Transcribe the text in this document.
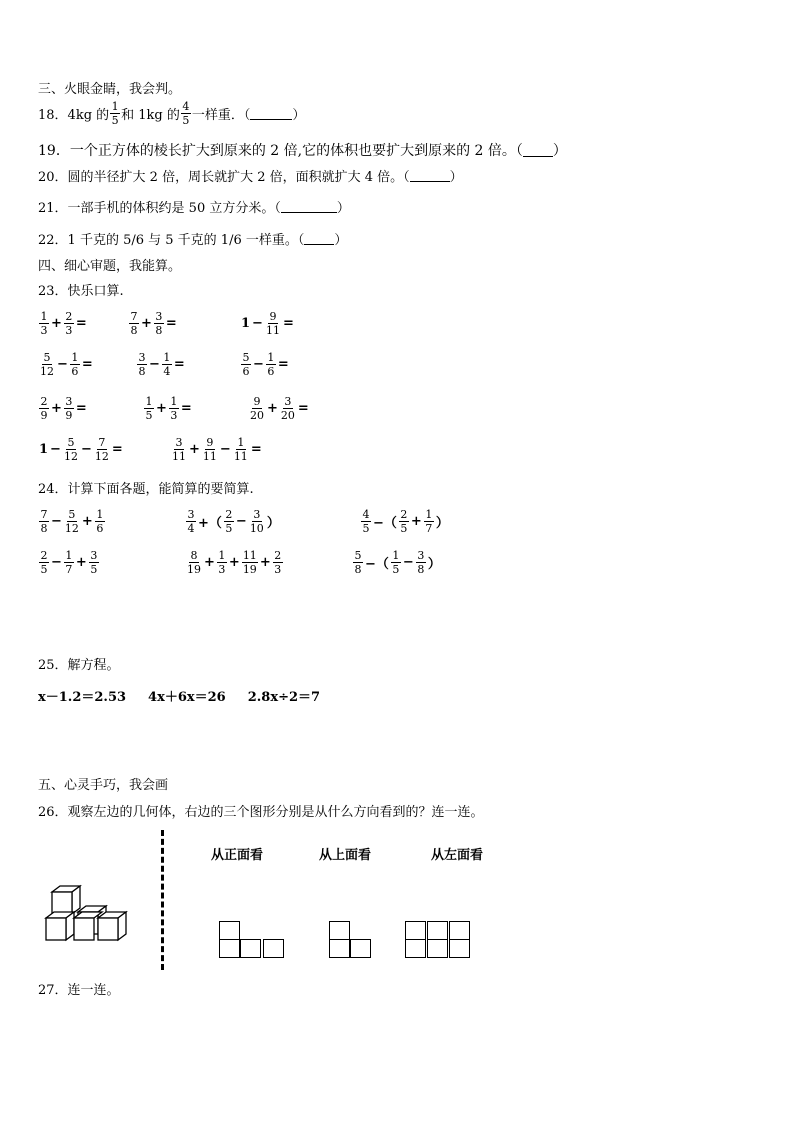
三、火眼金睛，我会判。
18． 4kg 的 $\frac{1}{5}$ 和 1kg 的 $\frac{4}{5}$ 一样重．（	）
19．一个正方体的棱长扩大到原来的 2 倍,它的体积也要扩大到原来的 2 倍。（ ）
20．圆的半径扩大 2 倍，周长就扩大 2 倍，面积就扩大 4 倍。（	）
21．一部手机的体积约是 50 立方分米。（	）
22．1 千克的 5/6 与 5 千克的 1/6 一样重。（ ）
四、细心审题，我能算。
23．快乐口算.
$\frac{1}{3} + \frac{2}{3}$ =	$\frac{7}{8} + \frac{3}{8}$ =	$1 - \frac{9}{11}$ =
$\frac{5}{12} - \frac{1}{6}$ =	$\frac{3}{8} - \frac{1}{4}$ =	$\frac{5}{6} - \frac{1}{6}$ =
$\frac{2}{9} + \frac{3}{9}$ =	$\frac{1}{5} + \frac{1}{3}$ =	$\frac{9}{20} + \frac{3}{20}$ =
$1 - \frac{5}{12} - \frac{7}{12}$ =	$\frac{3}{11} + \frac{9}{11} - \frac{1}{11}$ =
24．计算下面各题，能简算的要简算.
$\frac{7}{8} - \frac{5}{12} + \frac{1}{6}$	$\frac{3}{4}$ +（ $\frac{2}{5} - \frac{3}{10}$ ）	$\frac{4}{5}$ −（ $\frac{2}{5} + \frac{1}{7}$ ）
$\frac{2}{5} - \frac{1}{7} + \frac{3}{5}$	$\frac{8}{19} + \frac{1}{3} + \frac{11}{19} + \frac{2}{3}$	$\frac{5}{8}$ −（ $\frac{1}{5} - \frac{3}{8}$ ）
25．解方程。
x－1.2＝2.53 4x＋6x＝26 2.8x÷2＝7
五、心灵手巧，我会画
26．观察左边的几何体，右边的三个图形分别是从什么方向看到的？连一连。
从正面看	从上面看	从左面看
27．连一连。
